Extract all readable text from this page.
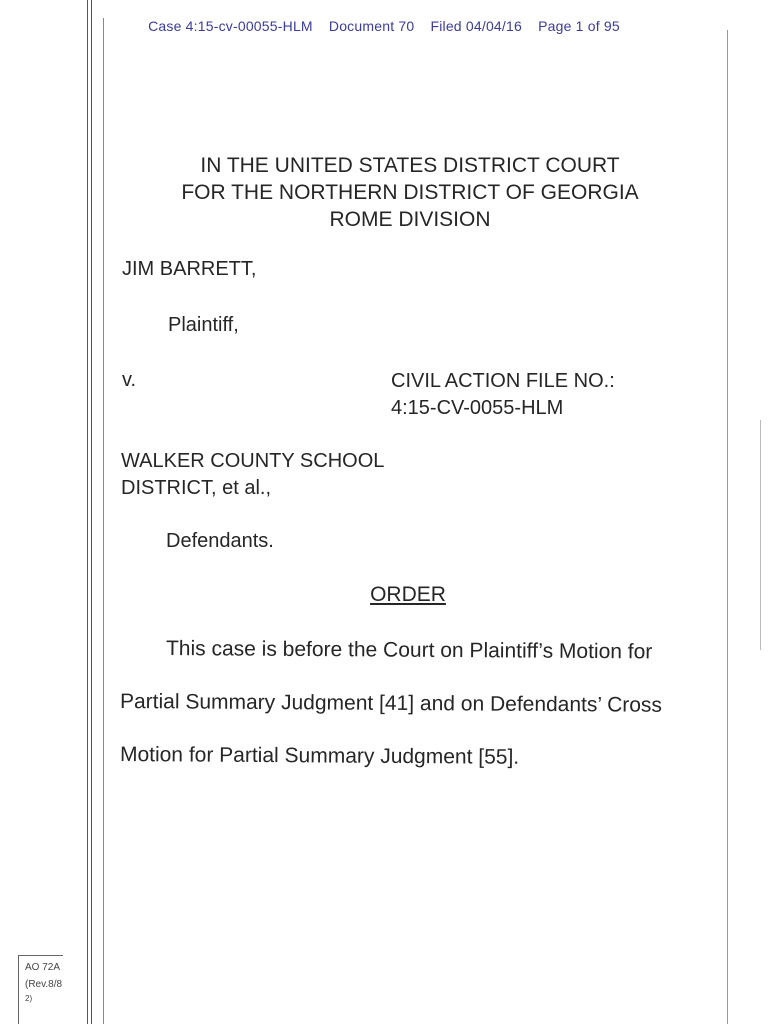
Case 4:15-cv-00055-HLM Document 70 Filed 04/04/16 Page 1 of 95
IN THE UNITED STATES DISTRICT COURT
FOR THE NORTHERN DISTRICT OF GEORGIA
ROME DIVISION
JIM BARRETT,
Plaintiff,
v.	CIVIL ACTION FILE NO.:
4:15-CV-0055-HLM
WALKER COUNTY SCHOOL
DISTRICT, et al.,
Defendants.
ORDER
This case is before the Court on Plaintiff’s Motion for
Partial Summary Judgment [41] and on Defendants’ Cross
Motion for Partial Summary Judgment [55].
AO 72A
(Rev.8/8
2)
